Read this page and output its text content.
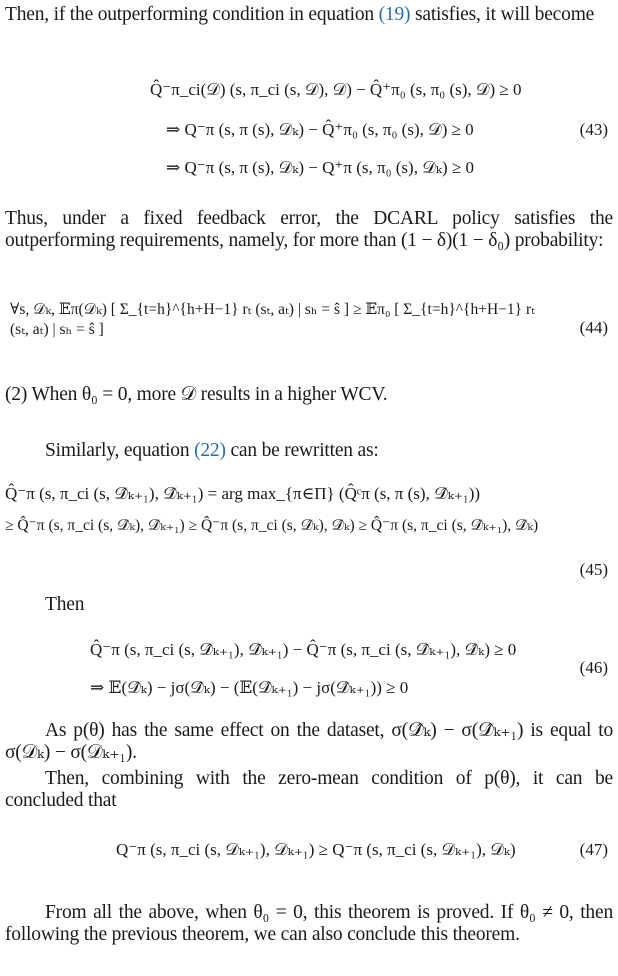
Then, if the outperforming condition in equation (19) satisfies, it will become
Q̂⁻π_ci(𝒟) (s, π_ci (s, 𝒟), 𝒟) − Q̂⁺π₀ (s, π₀ (s), 𝒟) ≥ 0
⇒ Q⁻π (s, π (s), 𝒟ₖ) − Q̂⁺π₀ (s, π₀ (s), 𝒟) ≥ 0	(43)
⇒ Q⁻π (s, π (s), 𝒟ₖ) − Q⁺π (s, π₀ (s), 𝒟ₖ) ≥ 0
Thus, under a fixed feedback error, the DCARL policy satisfies the outperforming requirements, namely, for more than (1 − δ)(1 − δ₀) probability:
∀s, 𝒟ₖ, 𝔼π(𝒟ₖ) [ Σ_{t=h}^{h+H−1} rₜ (sₜ, aₜ) | sₕ = ŝ ] ≥ 𝔼π₀ [ Σ_{t=h}^{h+H−1} rₜ (sₜ, aₜ) | sₕ = ŝ ]	(44)
(2) When θ₀ = 0, more 𝒟 results in a higher WCV.
Similarly, equation (22) can be rewritten as:
Q̂⁻π (s, π_ci (s, 𝒟̂ₖ₊₁), 𝒟̂ₖ₊₁) = arg max_{π∈Π} (Q̂ᶜπ (s, π (s), 𝒟̂ₖ₊₁))
≥ Q̂⁻π (s, π_ci (s, 𝒟̂ₖ), 𝒟̂ₖ₊₁) ≥ Q̂⁻π (s, π_ci (s, 𝒟̂ₖ), 𝒟̂ₖ) ≥ Q̂⁻π (s, π_ci (s, 𝒟̂ₖ₊₁), 𝒟̂ₖ)
(45)
Then
Q̂⁻π (s, π_ci (s, 𝒟̂ₖ₊₁), 𝒟̂ₖ₊₁) − Q̂⁻π (s, π_ci (s, 𝒟̂ₖ₊₁), 𝒟̂ₖ) ≥ 0
(46)
⇒ 𝔼(𝒟̂ₖ) − jσ(𝒟̂ₖ) − (𝔼(𝒟̂ₖ₊₁) − jσ(𝒟̂ₖ₊₁)) ≥ 0
As p(θ) has the same effect on the dataset, σ(𝒟̂ₖ) − σ(𝒟̂ₖ₊₁) is equal to σ(𝒟ₖ) − σ(𝒟ₖ₊₁).
Then, combining with the zero-mean condition of p(θ), it can be concluded that
Q⁻π (s, π_ci (s, 𝒟ₖ₊₁), 𝒟ₖ₊₁) ≥ Q⁻π (s, π_ci (s, 𝒟ₖ₊₁), 𝒟ₖ)	(47)
From all the above, when θ₀ = 0, this theorem is proved. If θ₀ ≠ 0, then following the previous theorem, we can also conclude this theorem.
